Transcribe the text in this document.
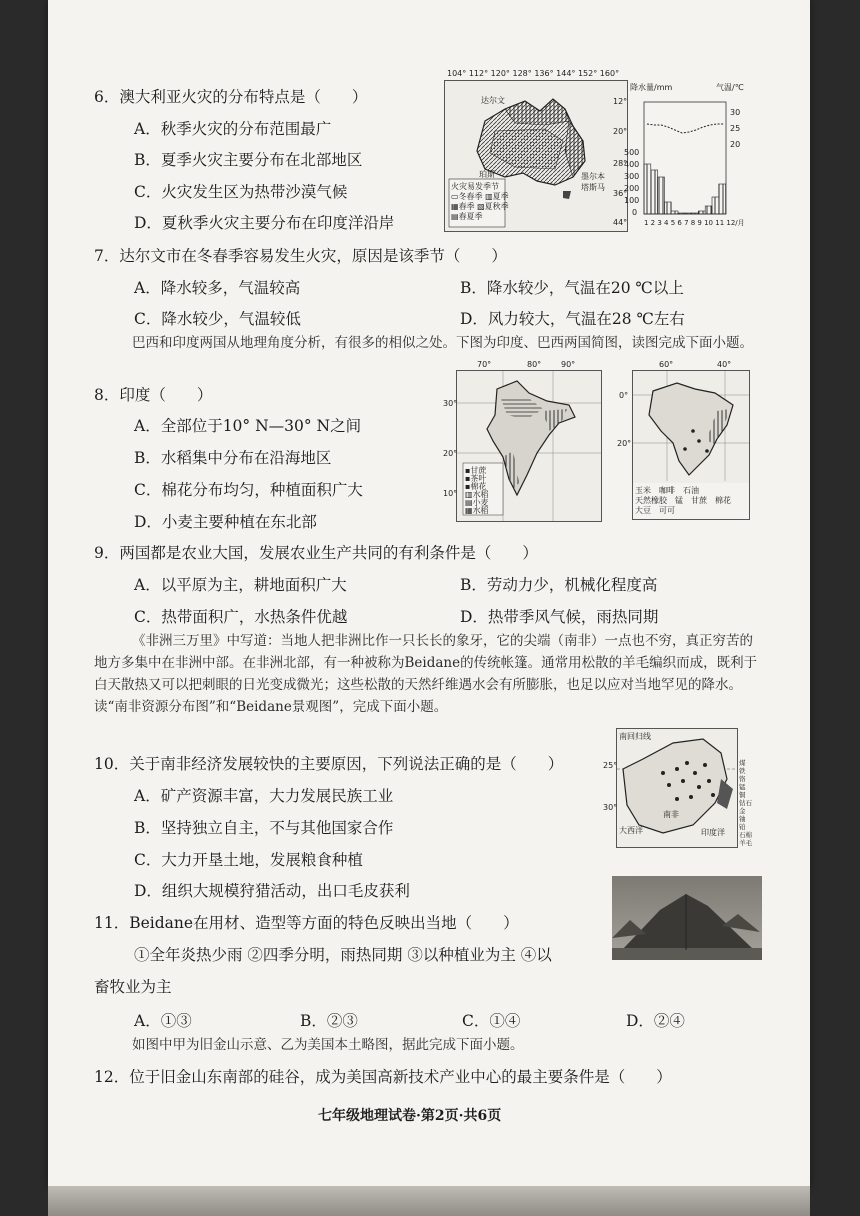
6．澳大利亚火灾的分布特点是（　　）
A．秋季火灾的分布范围最广
B．夏季火灾主要分布在北部地区
C．火灾发生区为热带沙漠气候
D．夏秋季火灾主要分布在印度洋沿岸
104° 112° 120° 128° 136° 144° 152° 160°
12°
20°
28°
36°
44°
达尔文
珀斯	墨尔本
塔斯马
火灾易发季节
▭冬春季 ▥夏季
▦春季 ▧夏秋季
▤春夏季
降水量/mm	气温/℃
30
25
20
500
400
300
200
100
0
1 2 3 4 5 6 7 8 9 10 11 12/月
7．达尔文市在冬春季容易发生火灾，原因是该季节（　　）
A．降水较多，气温较高	B．降水较少，气温在20 ℃以上
C．降水较少，气温较低	D．风力较大，气温在28 ℃左右
巴西和印度两国从地理角度分析，有很多的相似之处。下图为印度、巴西两国简图，读图完成下面小题。
8．印度（　　）
A．全部位于10° N—30° N之间
B．水稻集中分布在沿海地区
C．棉花分布均匀，种植面积广大
D．小麦主要种植在东北部
70°	80° 90°
30°
20°
10°
▪甘蔗
▪茶叶
▪棉花
▥水稻
▤小麦
▦水稻
60°	40°
0°
20°
玉米　咖啡　石油
天然橡胶　锰　甘蔗　棉花
大豆　可可
9．两国都是农业大国，发展农业生产共同的有利条件是（　　）
A．以平原为主，耕地面积广大	B．劳动力少，机械化程度高
C．热带面积广，水热条件优越	D．热带季风气候，雨热同期
《非洲三万里》中写道：当地人把非洲比作一只长长的象牙，它的尖端（南非）一点也不穷，真正穷苦的地方多集中在非洲中部。在非洲北部，有一种被称为Beidane的传统帐篷。通常用松散的羊毛编织而成，既利于白天散热又可以把刺眼的日光变成微光；这些松散的天然纤维遇水会有所膨胀，也足以应对当地罕见的降水。读“南非资源分布图”和“Beidane景观图”，完成下面小题。
10．关于南非经济发展较快的主要原因，下列说法正确的是（　　）
A．矿产资源丰富，大力发展民族工业
B．坚持独立自主，不与其他国家合作
C．大力开垦土地，发展粮食种植
D．组织大规模狩猎活动，出口毛皮获利
南回归线
25°
30°
大西洋	印度洋
南非
煤
铁
铬
锰
铜
钻石
金
铀
铂
石棉
羊毛
11．Beidane在用材、造型等方面的特色反映出当地（　　）
①全年炎热少雨 ②四季分明，雨热同期 ③以种植业为主 ④以
畜牧业为主
A．①③	B．②③	C．①④	D．②④
如图中甲为旧金山示意、乙为美国本土略图，据此完成下面小题。
12．位于旧金山东南部的硅谷，成为美国高新技术产业中心的最主要条件是（　　）
七年级地理试卷·第2页·共6页
